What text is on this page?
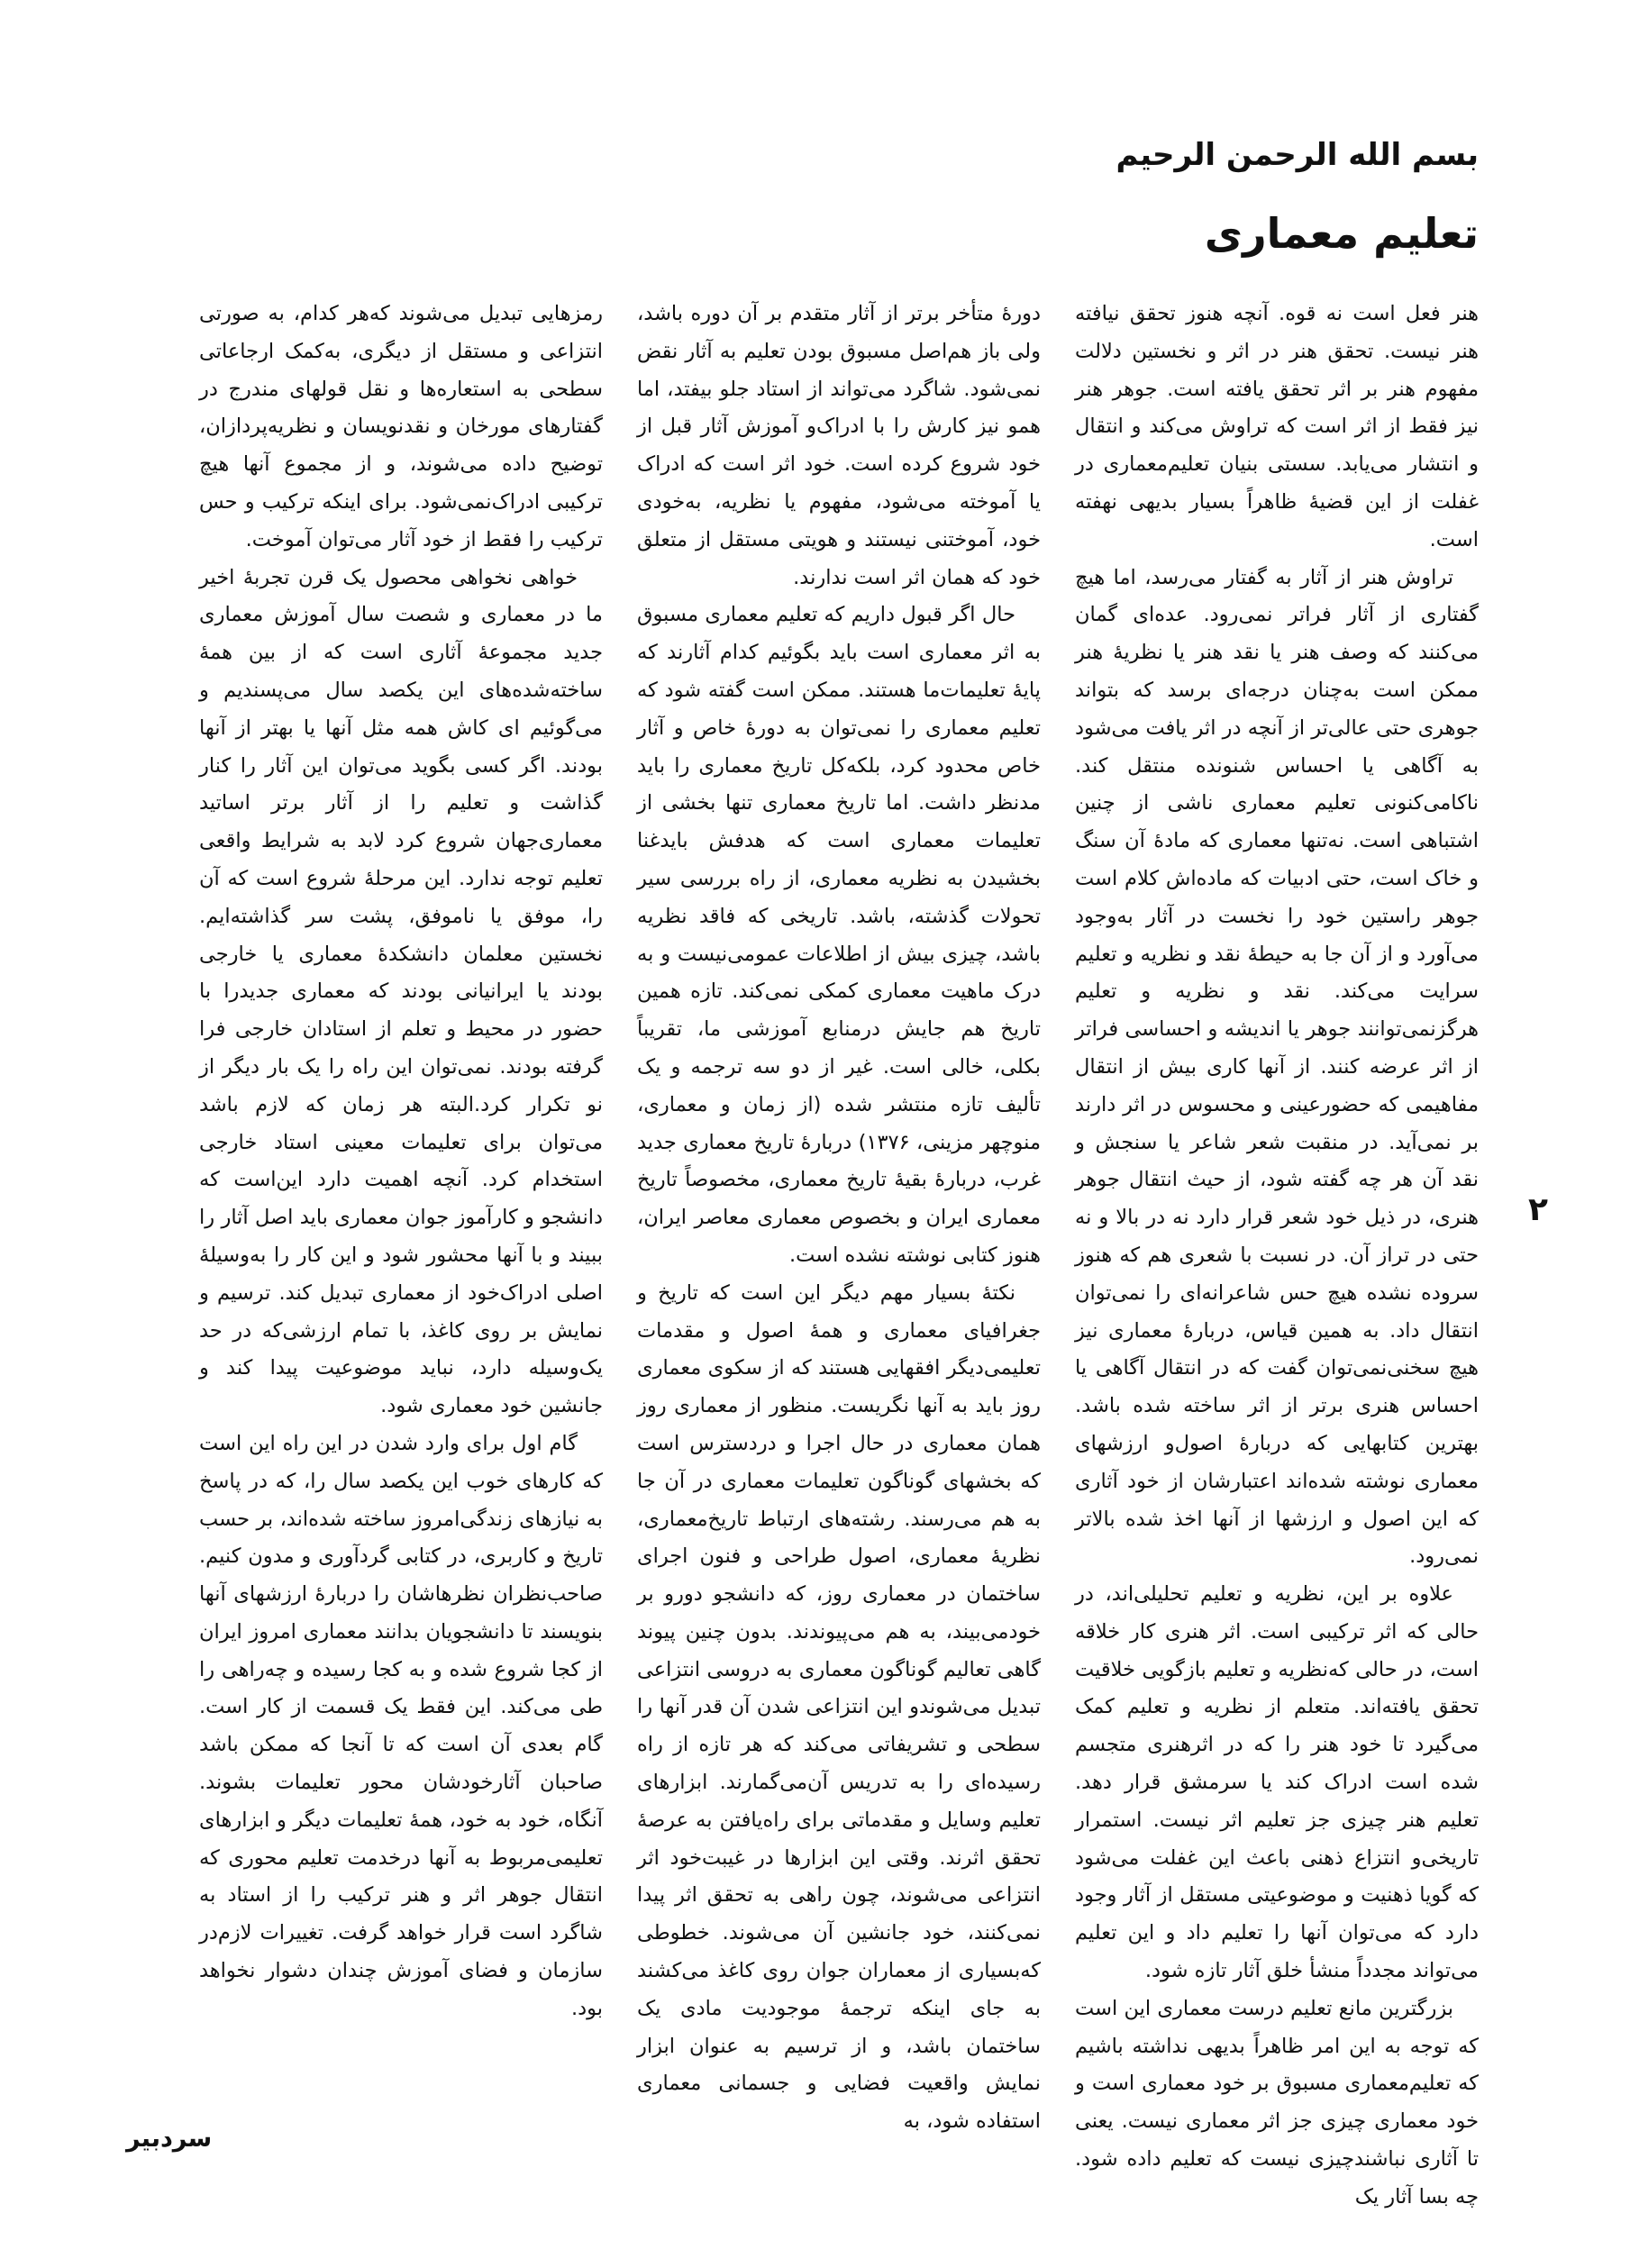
بسم الله الرحمن الرحیم
تعلیم معماری

هنر فعل است نه قوه. آنچه هنوز تحقق نیافته هنر نیست. تحقق هنر در اثر و نخستین دلالت مفهوم هنر بر اثر تحقق یافته است. جوهر هنر نیز فقط از اثر است که تراوش می‌کند و انتقال و انتشار می‌یابد. سستی بنیان تعلیم‌معماری در غفلت از این قضیهٔ ظاهراً بسیار بدیهی نهفته است.

تراوش هنر از آثار به گفتار می‌رسد، اما هیچ گفتاری از آثار فراتر نمی‌رود. عده‌ای گمان می‌کنند که وصف هنر یا نقد هنر یا نظریهٔ هنر ممکن است به‌چنان درجه‌ای برسد که بتواند جوهری حتی عالی‌تر از آنچه در اثر یافت می‌شود به آگاهی یا احساس شنونده منتقل کند. ناکامی‌کنونی تعلیم معماری ناشی از چنین اشتباهی است. نه‌تنها معماری که مادهٔ آن سنگ و خاک است، حتی ادبیات که ماده‌اش کلام است جوهر راستین خود را نخست در آثار به‌وجود می‌آورد و از آن جا به حیطهٔ نقد و نظریه و تعلیم سرایت می‌کند. نقد و نظریه و تعلیم هرگزنمی‌توانند جوهر یا اندیشه و احساسی فراتر از اثر عرضه کنند. از آنها کاری بیش از انتقال مفاهیمی که حضورعینی و محسوس در اثر دارند بر نمی‌آید. در منقبت شعر شاعر یا سنجش و نقد آن هر چه گفته شود، از حیث انتقال جوهر هنری، در ذیل خود شعر قرار دارد نه در بالا و نه حتی در تراز آن. در نسبت با شعری هم که هنوز سروده نشده هیچ حس شاعرانه‌ای را نمی‌توان انتقال داد. به همین قیاس، دربارهٔ معماری نیز هیچ سخنی‌نمی‌توان گفت که در انتقال آگاهی یا احساس هنری برتر از اثر ساخته شده باشد. بهترین کتابهایی که دربارهٔ اصول‌و ارزشهای معماری نوشته شده‌اند اعتبارشان از خود آثاری که این اصول و ارزشها از آنها اخذ شده بالاتر نمی‌رود.

علاوه بر این، نظریه و تعلیم تحلیلی‌اند، در حالی که اثر ترکیبی است. اثر هنری کار خلاقه است، در حالی که‌نظریه و تعلیم بازگویی خلاقیت تحقق یافته‌اند. متعلم از نظریه و تعلیم کمک می‌گیرد تا خود هنر را که در اثرهنری متجسم شده است ادراک کند یا سرمشق قرار دهد. تعلیم هنر چیزی جز تعلیم اثر نیست. استمرار تاریخی‌و انتزاع ذهنی باعث این غفلت می‌شود که گویا ذهنیت و موضوعیتی مستقل از آثار وجود دارد که می‌توان آنها را تعلیم داد و این تعلیم می‌تواند مجدداً منشأ خلق آثار تازه شود.

بزرگترین مانع تعلیم درست معماری این است که توجه به این امر ظاهراً بدیهی نداشته باشیم که تعلیم‌معماری مسبوق بر خود معماری است و خود معماری چیزی جز اثر معماری نیست. یعنی تا آثاری نباشند‌چیزی نیست که تعلیم داده شود. چه بسا آثار یک

دورهٔ متأخر برتر از آثار متقدم بر آن دوره باشد، ولی باز هم‌اصل مسبوق بودن تعلیم به آثار نقض نمی‌شود. شاگرد می‌تواند از استاد جلو بیفتد، اما همو نیز کارش را با ادراک‌و آموزش آثار قبل از خود شروع کرده است. خود اثر است که ادراک یا آموخته می‌شود، مفهوم یا نظریه، به‌خودی خود، آموختنی نیستند و هویتی مستقل از متعلق خود که همان اثر است ندارند.

حال اگر قبول داریم که تعلیم معماری مسبوق به اثر معماری است باید بگوئیم کدام آثارند که پایهٔ تعلیمات‌ما هستند. ممکن است گفته شود که تعلیم معماری را نمی‌توان به دورهٔ خاص و آثار خاص محدود کرد، بلکه‌کل تاریخ معماری را باید مدنظر داشت. اما تاریخ معماری تنها بخشی از تعلیمات معماری است که هدفش بایدغنا بخشیدن به نظریه معماری، از راه بررسی سیر تحولات گذشته، باشد. تاریخی که فاقد نظریه باشد، چیزی بیش از اطلاعات عمومی‌نیست و به درک ماهیت معماری کمکی نمی‌کند. تازه همین تاریخ هم جایش درمنابع آموزشی ما، تقریباً بکلی، خالی است. غیر از دو سه ترجمه و یک تألیف تازه منتشر شده (از زمان و معماری، منوچهر مزینی، ۱۳۷۶) دربارهٔ تاریخ معماری جدید غرب، دربارهٔ بقیهٔ تاریخ معماری، مخصوصاً تاریخ معماری ایران و بخصوص معماری معاصر ایران، هنوز کتابی نوشته نشده است.

نکتهٔ بسیار مهم دیگر این است که تاریخ و جغرافیای معماری و همهٔ اصول و مقدمات تعلیمی‌دیگر افقهایی هستند که از سکوی معماری روز باید به آنها نگریست. منظور از معماری روز همان معماری در حال اجرا و دردسترس است که بخشهای گوناگون تعلیمات معماری در آن جا به هم می‌رسند. رشته‌های ارتباط تاریخ‌معماری، نظریهٔ معماری، اصول طراحی و فنون اجرای ساختمان در معماری روز، که دانشجو دورو بر خود‌می‌بیند، به هم می‌پیوندند. بدون چنین پیوند گاهی تعالیم گوناگون معماری به دروسی انتزاعی تبدیل می‌شوندو این انتزاعی شدن آن قدر آنها را سطحی و تشریفاتی می‌کند که هر تازه از راه رسیده‌ای را به تدریس آن‌می‌گمارند. ابزارهای تعلیم وسایل و مقدماتی برای راه‌یافتن به عرصهٔ تحقق اثرند. وقتی این ابزارها در غیبت‌خود اثر انتزاعی می‌شوند، چون راهی به تحقق اثر پیدا نمی‌کنند، خود جانشین آن می‌شوند. خطوطی که‌بسیاری از معماران جوان روی کاغذ می‌کشند به جای اینکه ترجمهٔ موجودیت مادی یک ساختمان باشد، و از ترسیم به عنوان ابزار نمایش واقعیت فضایی و جسمانی معماری استفاده شود، به

رمزهایی تبدیل می‌شوند که‌هر کدام، به صورتی انتزاعی و مستقل از دیگری، به‌کمک ارجاعاتی سطحی به استعاره‌ها و نقل قولهای مندرج در گفتارهای مورخان و نقدنویسان و نظریه‌پردازان، توضیح داده می‌شوند، و از مجموع آنها هیچ ترکیبی ادراک‌نمی‌شود. برای اینکه ترکیب و حس ترکیب را فقط از خود آثار می‌توان آموخت.

خواهی نخواهی محصول یک قرن تجربهٔ اخیر ما در معماری و شصت سال آموزش معماری جدید مجموعهٔ آثاری است که از بین همهٔ ساخته‌شده‌های این یکصد سال می‌پسندیم و می‌گوئیم ای کاش همه مثل آنها یا بهتر از آنها بودند. اگر کسی بگوید می‌توان این آثار را کنار گذاشت و تعلیم را از آثار برتر اساتید معماری‌جهان شروع کرد لابد به شرایط واقعی تعلیم توجه ندارد. این مرحلهٔ شروع است که آن را، موفق یا ناموفق، پشت سر گذاشته‌ایم. نخستین معلمان دانشکدهٔ معماری یا خارجی بودند یا ایرانیانی بودند که معماری جدید‌را با حضور در محیط و تعلم از استادان خارجی فرا گرفته بودند. نمی‌توان این راه را یک بار دیگر از نو تکرار کرد.البته هر زمان که لازم باشد می‌توان برای تعلیمات معینی استاد خارجی استخدام کرد. آنچه اهمیت دارد این‌است که دانشجو و کارآموز جوان معماری باید اصل آثار را ببیند و با آنها محشور شود و این کار را به‌وسیلهٔ اصلی ادراک‌خود از معماری تبدیل کند. ترسیم و نمایش بر روی کاغذ، با تمام ارزشی‌که در حد یک‌وسیله دارد، نباید موضوعیت پیدا کند و جانشین خود معماری شود.

گام اول برای وارد شدن در این راه این است که کارهای خوب این یکصد سال را، که در پاسخ به نیازهای زندگی‌امروز ساخته شده‌اند، بر حسب تاریخ و کاربری، در کتابی گردآوری و مدون کنیم. صاحب‌نظران نظرهاشان را دربارهٔ ارزشهای آنها بنویسند تا دانشجویان بدانند معماری امروز ایران از کجا شروع شده و به کجا رسیده و چه‌راهی را طی می‌کند. این فقط یک قسمت از کار است. گام بعدی آن است که تا آنجا که ممکن باشد صاحبان آثارخودشان محور تعلیمات بشوند. آنگاه، خود به خود، همهٔ تعلیمات دیگر و ابزارهای تعلیمی‌مربوط به آنها درخدمت تعلیم محوری که انتقال جوهر اثر و هنر ترکیب را از استاد به شاگرد است قرار خواهد گرفت. تغییرات لازم‌در سازمان و فضای آموزش چندان دشوار نخواهد بود.

۲
سردبیر
